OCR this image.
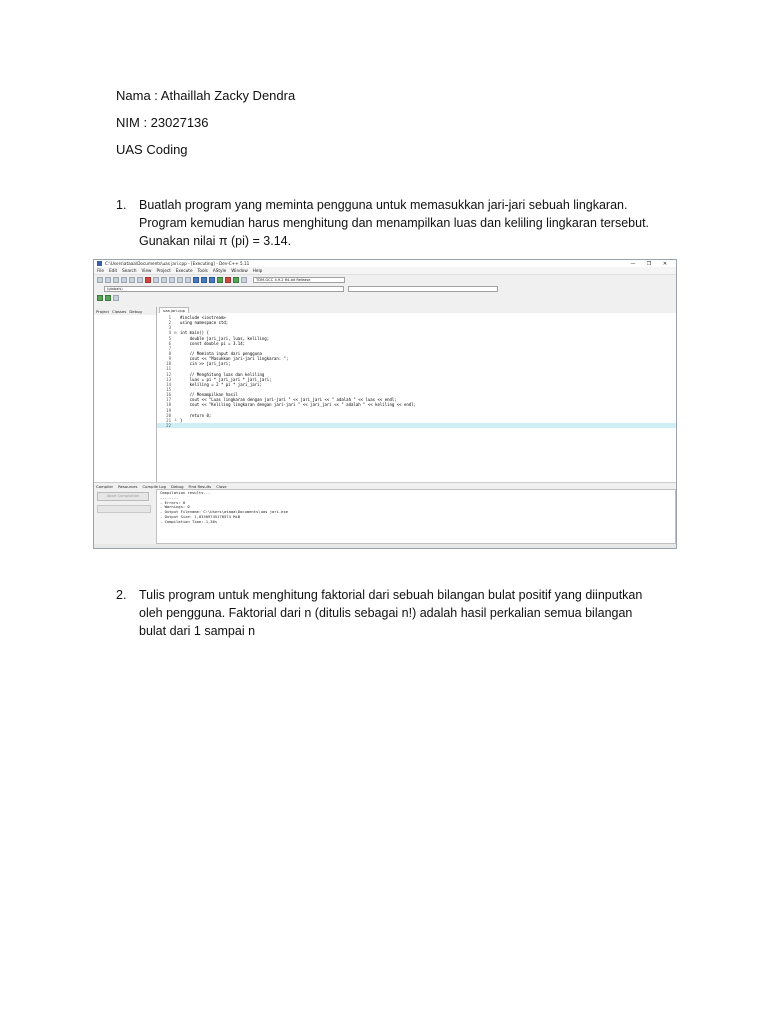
Nama : Athaillah Zacky Dendra
NIM : 23027136
UAS Coding
1. Buatlah program yang meminta pengguna untuk memasukkan jari-jari sebuah lingkaran.
Program kemudian harus menghitung dan menampilkan luas dan keliling lingkaran tersebut.
Gunakan nilai π (pi) = 3.14.
C:\Users\ataaa\Documents\uas jari.cpp - [Executing] - Dev-C++ 5.11	—	❐	✕
File Edit Search View Project Execute Tools AStyle Window Help
TDM-GCC 4.9.2 64-bit Release
(globals)
Project Classes Debug	uas jari.cpp
1	#include <iostream>
2	using namespace std;
3
4 ⊟ int main() {
5	double jari_jari, luas, keliling;
6	const double pi = 3.14;
7
8	// Meminta input dari pengguna
9	cout << "Masukkan jari-jari lingkaran: ";
10	cin >> jari_jari;
11
12	// Menghitung luas dan keliling
13	luas = pi * jari_jari * jari_jari;
14	keliling = 2 * pi * jari_jari;
15
16	// Menampilkan hasil
17	cout << "Luas lingkaran dengan jari-jari " << jari_jari << " adalah " << luas << endl;
18	cout << "Keliling lingkaran dengan jari-jari " << jari_jari << " adalah " << keliling << endl;
19
20	return 0;
21 └ }
22
Compiler Resources Compile Log Debug Find Results Close
Abort Compilation
Compilation results...
--------
- Errors: 0
- Warnings: 0
- Output Filename: C:\Users\ataaa\Documents\uas jari.exe
- Output Size: 1,83309745178574 MiB
- Compilation Time: 1,36s
2. Tulis program untuk menghitung faktorial dari sebuah bilangan bulat positif yang diinputkan
oleh pengguna. Faktorial dari n (ditulis sebagai n!) adalah hasil perkalian semua bilangan
bulat dari 1 sampai n
